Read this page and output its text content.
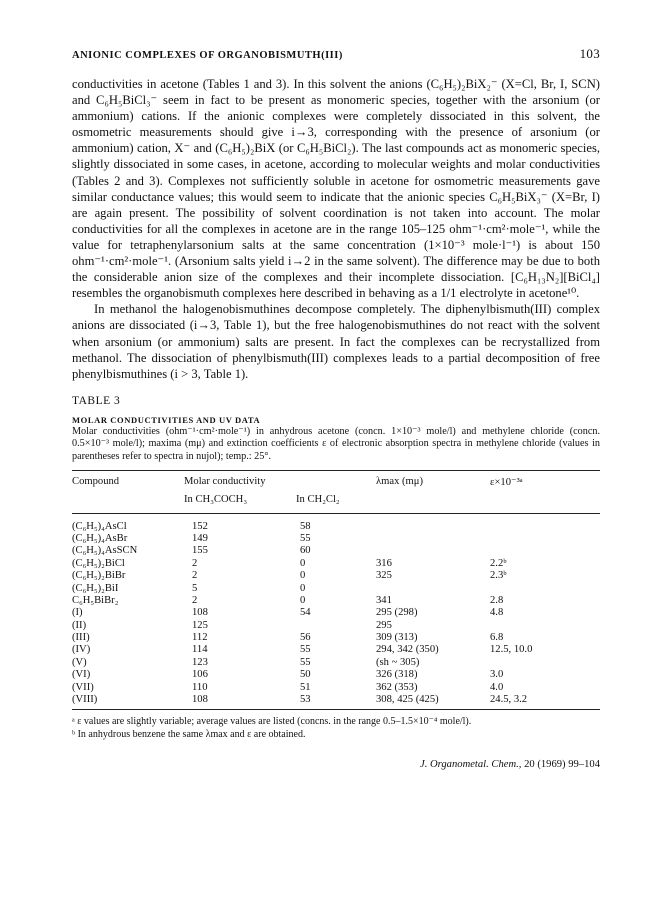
ANIONIC COMPLEXES OF ORGANOBISMUTH(III)	103

conductivities in acetone (Tables 1 and 3). In this solvent the anions (C₆H₅)₂BiX₂⁻ (X=Cl, Br, I, SCN) and C₆H₅BiCl₃⁻ seem in fact to be present as monomeric species, together with the arsonium (or ammonium) cations. If the anionic complexes were completely dissociated in this solvent, the osmometric measurements should give i→3, corresponding with the presence of arsonium (or ammonium) cation, X⁻ and (C₆H₅)₂BiX (or C₆H₅BiCl₂). The last compounds act as monomeric species, slightly dissociated in some cases, in acetone, according to molecular weights and molar conductivities (Tables 2 and 3). Complexes not sufficiently soluble in acetone for osmometric measurements gave similar conductance values; this would seem to indicate that the anionic species C₆H₅BiX₃⁻ (X=Br, I) are again present. The possibility of solvent coordination is not taken into account. The molar conductivities for all the complexes in acetone are in the range 105–125 ohm⁻¹·cm²·mole⁻¹, while the value for tetraphenylarsonium salts at the same concentration (1×10⁻³ mole·l⁻¹) is about 150 ohm⁻¹·cm²·mole⁻¹. (Arsonium salts yield i→2 in the same solvent). The difference may be due to both the considerable anion size of the complexes and their incomplete dissociation. [C₆H₁₃N₂][BiCl₄] resembles the organobismuth complexes here described in behaving as a 1/1 electrolyte in acetone¹⁰.

In methanol the halogenobismuthines decompose completely. The diphenylbismuth(III) complex anions are dissociated (i→3, Table 1), but the free halogenobismuthines do not react with the solvent when arsonium (or ammonium) salts are present. In fact the complexes can be recrystallized from methanol. The dissociation of phenylbismuth(III) complexes leads to a partial decomposition of free phenylbismuthines (i > 3, Table 1).

TABLE 3
MOLAR CONDUCTIVITIES AND UV DATA
Molar conductivities (ohm⁻¹·cm²·mole⁻¹) in anhydrous acetone (concn. 1×10⁻³ mole/l) and methylene chloride (concn. 0.5×10⁻³ mole/l); maxima (mμ) and extinction coefficients ε of electronic absorption spectra in methylene chloride (values in parentheses refer to spectra in nujol); temp.: 25°.
Compound	Molar conductivity		λmax (mμ)	ε×10⁻³ᵃ
	In CH₃COCH₃	In CH₂Cl₂		
(C₆H₅)₄AsCl	152	58		
(C₆H₅)₄AsBr	149	55		
(C₆H₅)₄AsSCN	155	60		
(C₆H₅)₂BiCl	2	0	316	2.2ᵇ
(C₆H₅)₂BiBr	2	0	325	2.3ᵇ
(C₆H₅)₂BiI	5	0		
C₆H₅BiBr₂	2	0	341	2.8
(I)	108	54	295 (298)	4.8
(II)	125		295	
(III)	112	56	309 (313)	6.8
(IV)	114	55	294, 342 (350)	12.5, 10.0
(V)	123	55	(sh ~ 305)	
(VI)	106	50	326 (318)	3.0
(VII)	110	51	362 (353)	4.0
(VIII)	108	53	308, 425 (425)	24.5, 3.2
ᵃ ε values are slightly variable; average values are listed (concns. in the range 0.5–1.5×10⁻⁴ mole/l).
ᵇ In anhydrous benzene the same λmax and ε are obtained.
J. Organometal. Chem., 20 (1969) 99–104
